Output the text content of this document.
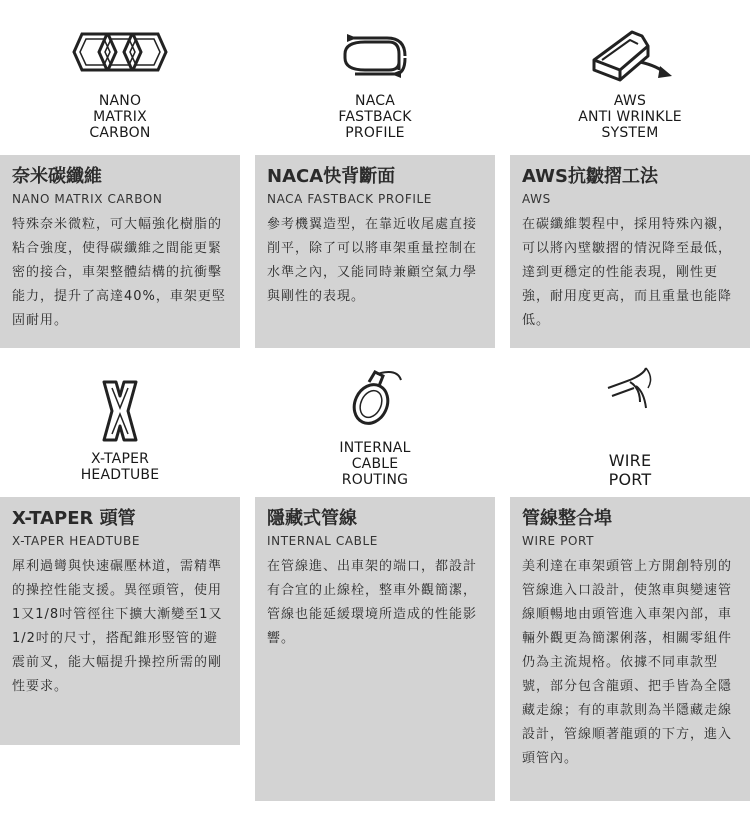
NANO
MATRIX
CARBON
奈米碳纖維
NANO MATRIX CARBON
特殊奈米微粒，可大幅強化樹脂的粘合強度，使得碳纖維之間能更緊密的接合，車架整體結構的抗衝擊能力，提升了高達40%，車架更堅固耐用。
NACA
FASTBACK
PROFILE
NACA快背斷面
NACA FASTBACK PROFILE
參考機翼造型，在靠近收尾處直接削平，除了可以將車架重量控制在水準之內，又能同時兼顧空氣力學與剛性的表現。
AWS
ANTI WRINKLE
SYSTEM
AWS抗皺摺工法
AWS
在碳纖維製程中，採用特殊內襯，可以將內壁皺摺的情況降至最低，達到更穩定的性能表現，剛性更強，耐用度更高，而且重量也能降低。
X-TAPER
HEADTUBE
X-TAPER 頭管
X-TAPER HEADTUBE
犀利過彎與快速碾壓林道，需精準的操控性能支援。異徑頭管，使用1又1/8吋管徑往下擴大漸變至1又1/2吋的尺寸，搭配錐形竪管的避震前叉，能大幅提升操控所需的剛性要求。
INTERNAL
CABLE
ROUTING
隱藏式管線
INTERNAL CABLE
在管線進、出車架的端口，都設計有合宜的止線栓，整車外觀簡潔，管線也能延緩環境所造成的性能影響。
WIRE
PORT
管線整合埠
WIRE PORT
美利達在車架頭管上方開創特別的管線進入口設計，使煞車與變速管線順暢地由頭管進入車架內部，車輛外觀更為簡潔俐落，相關零組件仍為主流規格。依據不同車款型號，部分包含龍頭、把手皆為全隱藏走線；有的車款則為半隱藏走線設計，管線順著龍頭的下方，進入頭管內。
